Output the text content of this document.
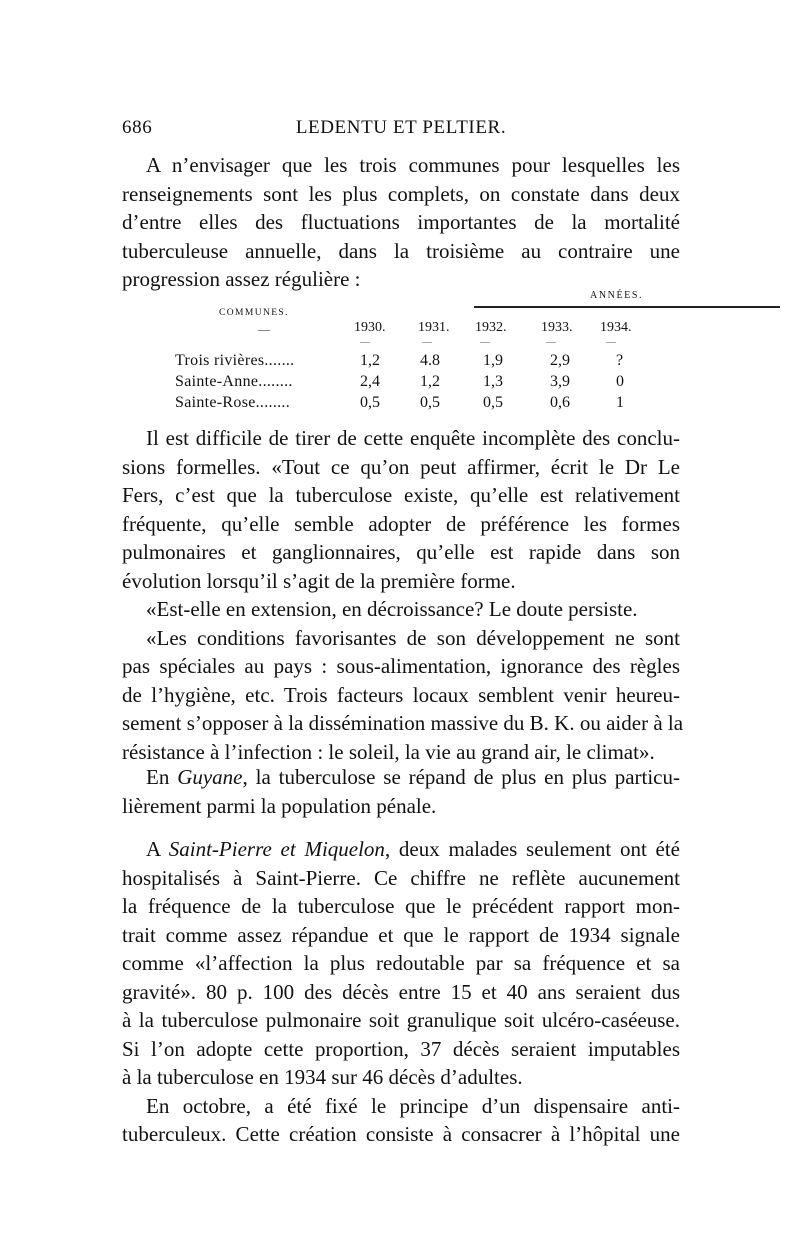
686	LEDENTU ET PELTIER.

A n’envisager que les trois communes pour lesquelles les
renseignements sont les plus complets, on constate dans deux
d’entre elles des fluctuations importantes de la mortalité
tuberculeuse annuelle, dans la troisième au contraire une
progression assez régulière :

ANNÉES.
COMMUNES.
—	1930. 1931. 1932. 1933. 1934.
—	—	—	—	—
Trois rivières.......	1,2	4.8	1,9	2,9	?
Sainte-Anne........	2,4	1,2	1,3	3,9	0
Sainte-Rose........	0,5	0,5	0,5	0,6	1

Il est difficile de tirer de cette enquête incomplète des conclu-
sions formelles. «Tout ce qu’on peut affirmer, écrit le Dr Le
Fers, c’est que la tuberculose existe, qu’elle est relativement
fréquente, qu’elle semble adopter de préférence les formes
pulmonaires et ganglionnaires, qu’elle est rapide dans son
évolution lorsqu’il s’agit de la première forme.
«Est-elle en extension, en décroissance? Le doute persiste.
«Les conditions favorisantes de son développement ne sont
pas spéciales au pays : sous-alimentation, ignorance des règles
de l’hygiène, etc. Trois facteurs locaux semblent venir heureu-
sement s’opposer à la dissémination massive du B. K. ou aider à la
résistance à l’infection : le soleil, la vie au grand air, le climat».

En Guyane, la tuberculose se répand de plus en plus particu-
lièrement parmi la population pénale.

A Saint-Pierre et Miquelon, deux malades seulement ont été
hospitalisés à Saint-Pierre. Ce chiffre ne reflète aucunement
la fréquence de la tuberculose que le précédent rapport mon-
trait comme assez répandue et que le rapport de 1934 signale
comme «l’affection la plus redoutable par sa fréquence et sa
gravité». 80 p. 100 des décès entre 15 et 40 ans seraient dus
à la tuberculose pulmonaire soit granulique soit ulcéro-caséeuse.
Si l’on adopte cette proportion, 37 décès seraient imputables
à la tuberculose en 1934 sur 46 décès d’adultes.
En octobre, a été fixé le principe d’un dispensaire anti-
tuberculeux. Cette création consiste à consacrer à l’hôpital une
